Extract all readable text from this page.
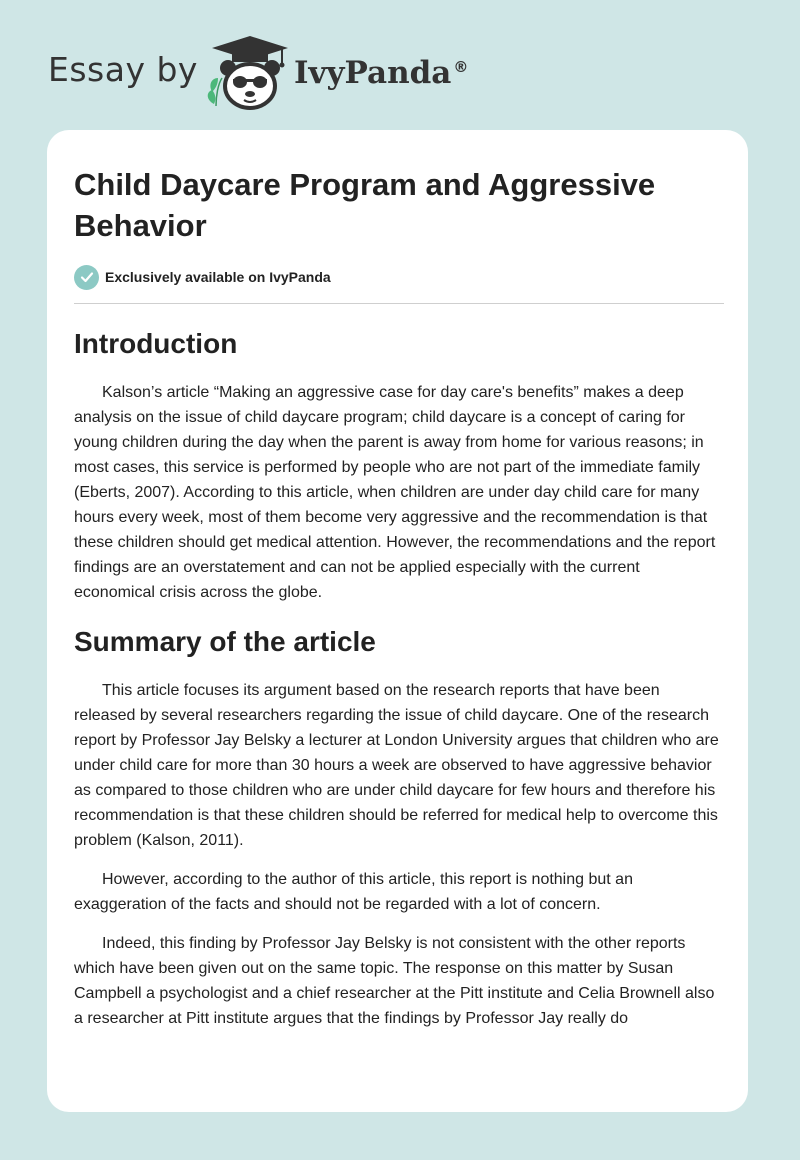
Essay by	IvyPanda ®
Child Daycare Program and Aggressive Behavior
Exclusively available on IvyPanda
Introduction

Kalson’s article “Making an aggressive case for day care's benefits” makes a deep analysis on the issue of child daycare program; child daycare is a concept of caring for young children during the day when the parent is away from home for various reasons; in most cases, this service is performed by people who are not part of the immediate family (Eberts, 2007). According to this article, when children are under day child care for many hours every week, most of them become very aggressive and the recommendation is that these children should get medical attention. However, the recommendations and the report findings are an overstatement and can not be applied especially with the current economical crisis across the globe.

Summary of the article

This article focuses its argument based on the research reports that have been released by several researchers regarding the issue of child daycare. One of the research report by Professor Jay Belsky a lecturer at London University argues that children who are under child care for more than 30 hours a week are observed to have aggressive behavior as compared to those children who are under child daycare for few hours and therefore his recommendation is that these children should be referred for medical help to overcome this problem (Kalson, 2011).

However, according to the author of this article, this report is nothing but an exaggeration of the facts and should not be regarded with a lot of concern.

Indeed, this finding by Professor Jay Belsky is not consistent with the other reports which have been given out on the same topic. The response on this matter by Susan Campbell a psychologist and a chief researcher at the Pitt institute and Celia Brownell also a researcher at Pitt institute argues that the findings by Professor Jay really do
